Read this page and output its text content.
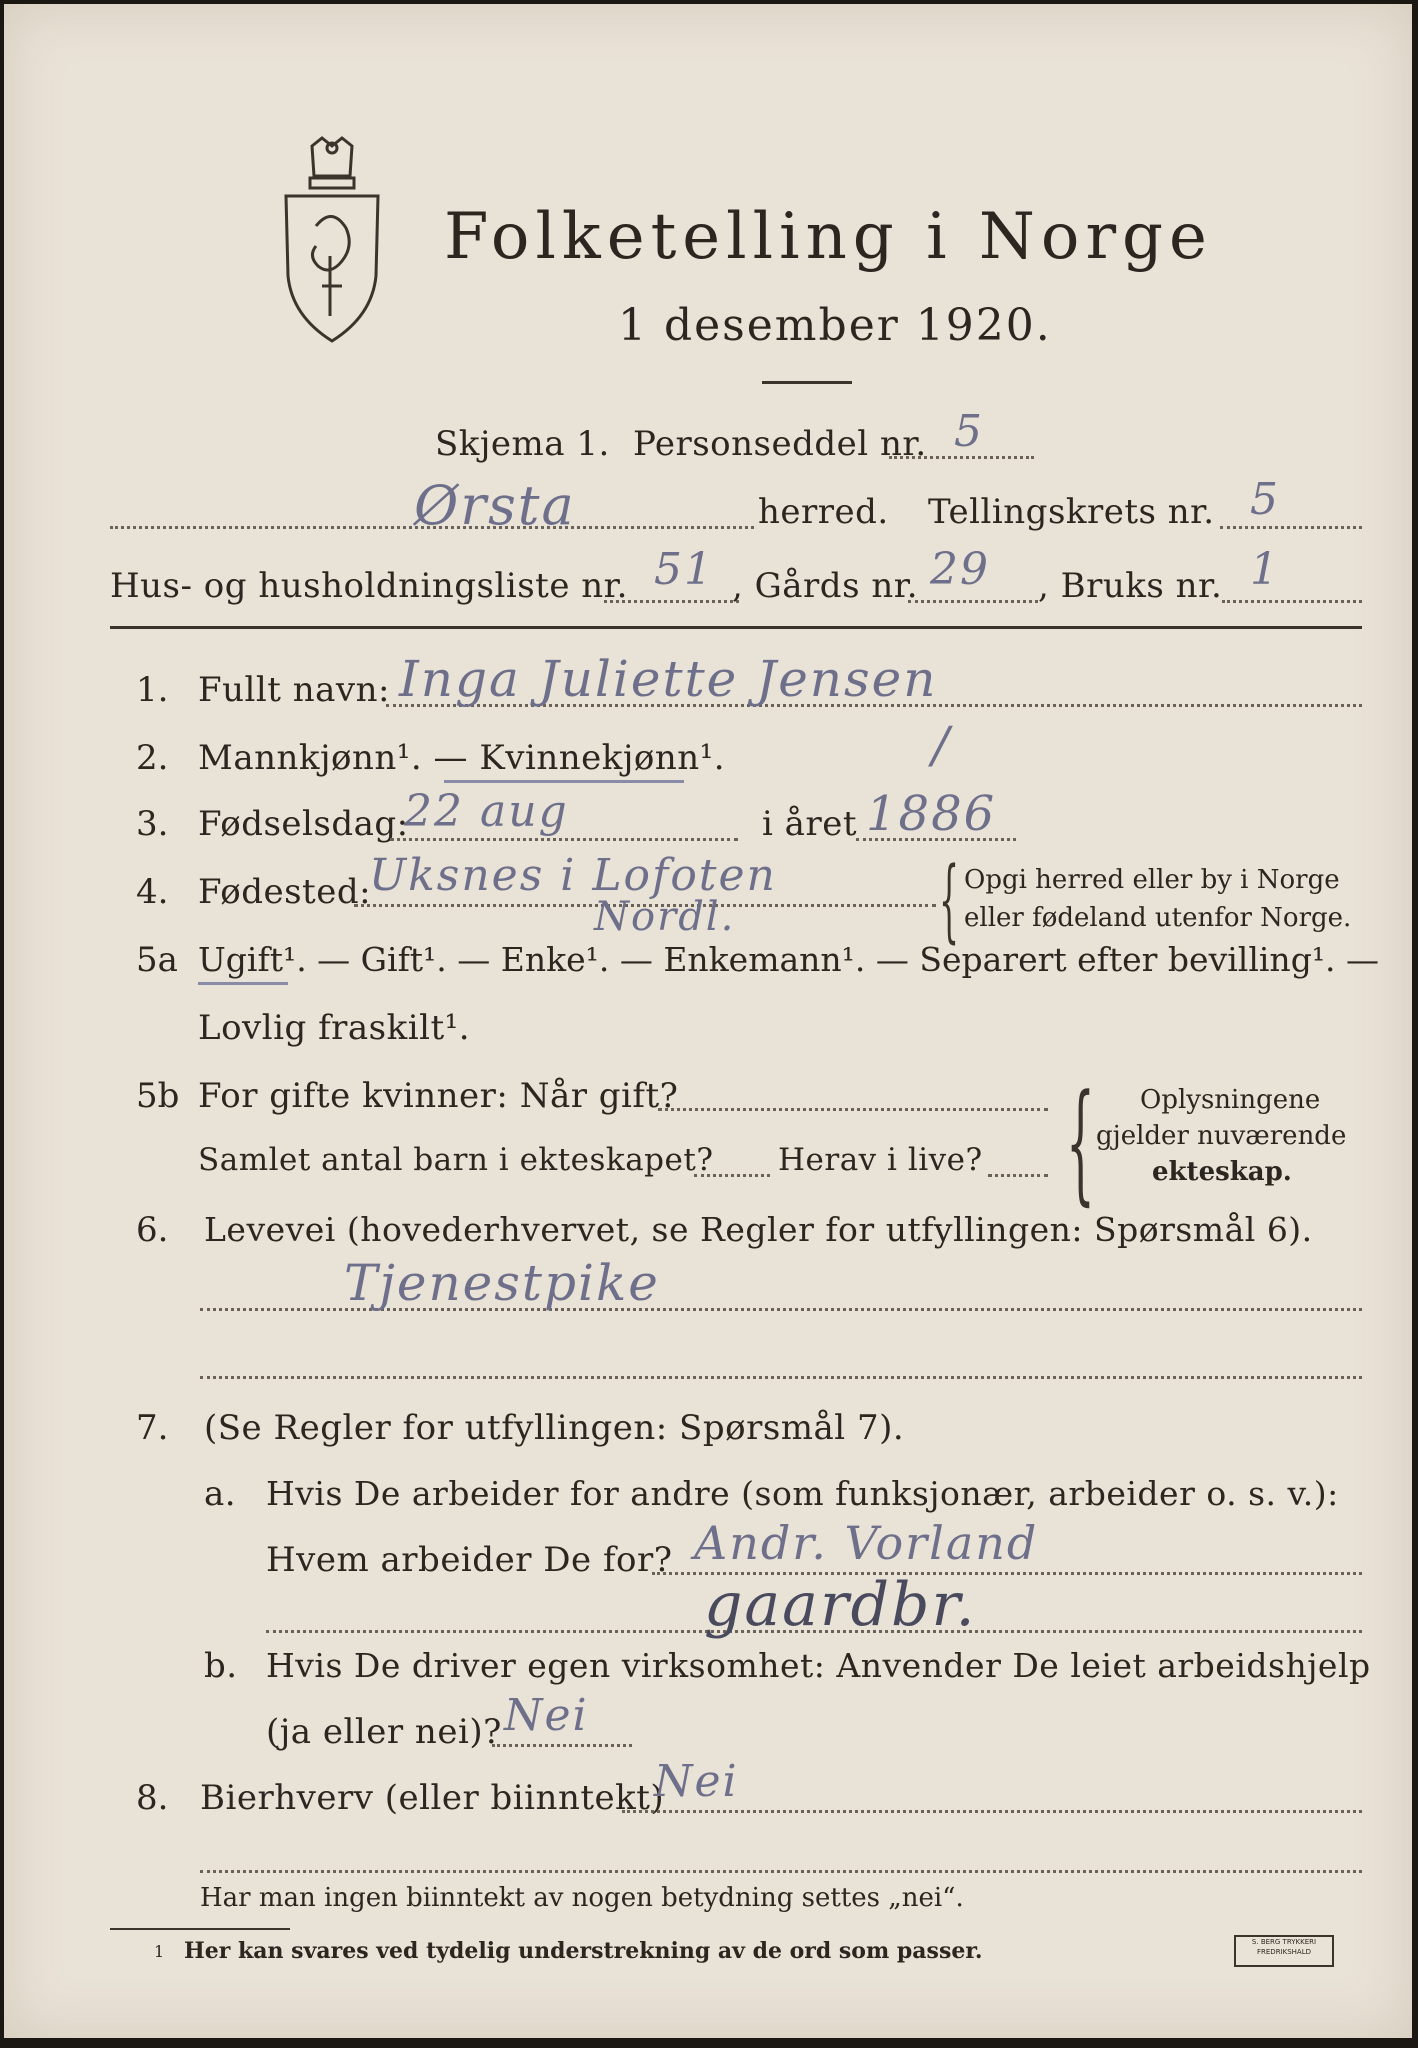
Folketelling i Norge
1 desember 1920.
Skjema 1. Personseddel nr. 5
Ørsta	herred. Tellingskrets nr. 5
Hus- og husholdningsliste nr. 51 , Gårds nr. 29 , Bruks nr. 1
1. Fullt navn: Inga Juliette Jensen
2. Mannkjønn¹. — Kvinnekjønn¹.	/
3. Fødselsdag:
22 aug	i året 1886
4. Fødested:
Uksnes i Lofoten
Nordl. { Opgi herred eller by i Norge
eller fødeland utenfor Norge.
5a Ugift¹. — Gift¹. — Enke¹. — Enkemann¹. — Separert efter bevilling¹. —
Lovlig fraskilt¹.
5b For gifte kvinner: Når gift?
Samlet antal barn i ekteskapet? Herav i live? { Oplysningene
gjelder nuværende
ekteskap.
6. Levevei (hovederhvervet, se Regler for utfyllingen: Spørsmål 6).
Tjenestpike
7. (Se Regler for utfyllingen: Spørsmål 7).
a. Hvis De arbeider for andre (som funksjonær, arbeider o. s. v.):
Hvem arbeider De for? Andr. Vorland
gaardbr.
b. Hvis De driver egen virksomhet: Anvender De leiet arbeidshjelp
(ja eller nei)? Nei
8. Bierhverv (eller biinntekt)
Nei
Har man ingen biinntekt av nogen betydning settes „nei“.
1 Her kan svares ved tydelig understrekning av de ord som passer.	S. BERG TRYKKERI FREDRIKSHALD
